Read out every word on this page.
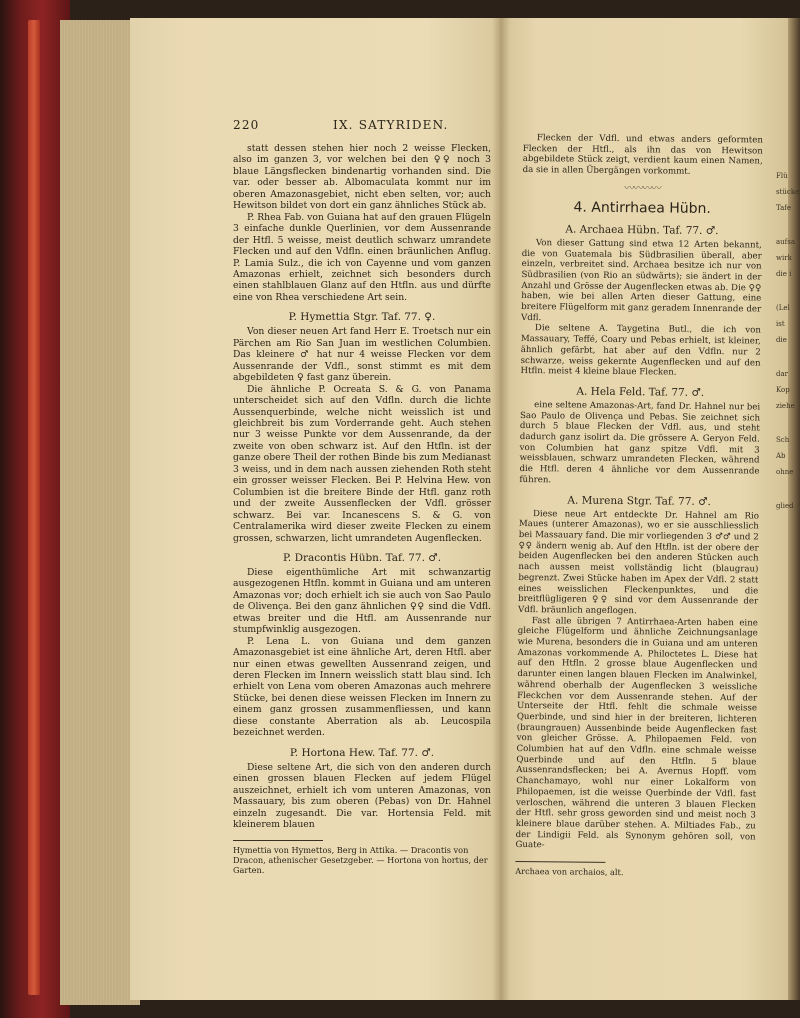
220	IX. SATYRIDEN.

statt dessen stehen hier noch 2 weisse Flecken, also im ganzen 3, vor welchen bei den ♀♀ noch 3 blaue Längsflecken bindenartig vorhanden sind. Die var. oder besser ab. Albomaculata kommt nur im oberen Amazonasgebiet, nicht eben selten, vor; auch Hewitson bildet von dort ein ganz ähnliches Stück ab.

P. Rhea Fab. von Guiana hat auf den grauen Flügeln 3 einfache dunkle Querlinien, vor dem Aussenrande der Htfl. 5 weisse, meist deutlich schwarz umrandete Flecken und auf den Vdfln. einen bräunlichen Anflug. P. Lamia Sulz., die ich von Cayenne und vom ganzen Amazonas erhielt, zeichnet sich besonders durch einen stahlblauen Glanz auf den Htfln. aus und dürfte eine von Rhea verschiedene Art sein.

P. Hymettia Stgr. Taf. 77. ♀.

Von dieser neuen Art fand Herr E. Troetsch nur ein Pärchen am Rio San Juan im westlichen Columbien. Das kleinere ♂ hat nur 4 weisse Flecken vor dem Aussenrande der Vdfl., sonst stimmt es mit dem abgebildeten ♀ fast ganz überein.

Die ähnliche P. Ocreata S. & G. von Panama unterscheidet sich auf den Vdfln. durch die lichte Aussenquerbinde, welche nicht weisslich ist und gleichbreit bis zum Vorderrande geht. Auch stehen nur 3 weisse Punkte vor dem Aussenrande, da der zweite von oben schwarz ist. Auf den Htfln. ist der ganze obere Theil der rothen Binde bis zum Medianast 3 weiss, und in dem nach aussen ziehenden Roth steht ein grosser weisser Flecken. Bei P. Helvina Hew. von Columbien ist die breitere Binde der Htfl. ganz roth und der zweite Aussenflecken der Vdfl. grösser schwarz. Bei var. Incanescens S. & G. von Centralamerika wird dieser zweite Flecken zu einem grossen, schwarzen, licht umrandeten Augenflecken.

P. Dracontis Hübn. Taf. 77. ♂.

Diese eigenthümliche Art mit schwanzartig ausgezogenen Htfln. kommt in Guiana und am unteren Amazonas vor; doch erhielt ich sie auch von Sao Paulo de Olivença. Bei den ganz ähnlichen ♀♀ sind die Vdfl. etwas breiter und die Htfl. am Aussenrande nur stumpfwinklig ausgezogen.

P. Lena L. von Guiana und dem ganzen Amazonasgebiet ist eine ähnliche Art, deren Htfl. aber nur einen etwas gewellten Aussenrand zeigen, und deren Flecken im Innern weisslich statt blau sind. Ich erhielt von Lena vom oberen Amazonas auch mehrere Stücke, bei denen diese weissen Flecken im Innern zu einem ganz grossen zusammenfliessen, und kann diese constante Aberration als ab. Leucospila bezeichnet werden.

P. Hortona Hew. Taf. 77. ♂.

Diese seltene Art, die sich von den anderen durch einen grossen blauen Flecken auf jedem Flügel auszeichnet, erhielt ich vom unteren Amazonas, von Massauary, bis zum oberen (Pebas) von Dr. Hahnel einzeln zugesandt. Die var. Hortensia Feld. mit kleinerem blauen

Hymettia von Hymettos, Berg in Attika. — Dracontis von Dracon, athenischer Gesetzgeber. — Hortona von hortus, der Garten.

Flecken der Vdfl. und etwas anders geformten Flecken der Htfl., als ihn das von Hewitson abgebildete Stück zeigt, verdient kaum einen Namen, da sie in allen Übergängen vorkommt.

〰〰〰〰
4. Antirrhaea Hübn.
A. Archaea Hübn. Taf. 77. ♂.

Von dieser Gattung sind etwa 12 Arten bekannt, die von Guatemala bis Südbrasilien überall, aber einzeln, verbreitet sind. Archaea besitze ich nur von Südbrasilien (von Rio an südwärts); sie ändert in der Anzahl und Grösse der Augenflecken etwas ab. Die ♀♀ haben, wie bei allen Arten dieser Gattung, eine breitere Flügelform mit ganz geradem Innenrande der Vdfl.

Die seltene A. Taygetina Butl., die ich von Massauary, Teffé, Coary und Pebas erhielt, ist kleiner, ähnlich gefärbt, hat aber auf den Vdfln. nur 2 schwarze, weiss gekernte Augenflecken und auf den Htfln. meist 4 kleine blaue Flecken.

A. Hela Feld. Taf. 77. ♂.

eine seltene Amazonas-Art, fand Dr. Hahnel nur bei Sao Paulo de Olivença und Pebas. Sie zeichnet sich durch 5 blaue Flecken der Vdfl. aus, und steht dadurch ganz isolirt da. Die grössere A. Geryon Feld. von Columbien hat ganz spitze Vdfl. mit 3 weissblauen, schwarz umrandeten Flecken, während die Htfl. deren 4 ähnliche vor dem Aussenrande führen.

A. Murena Stgr. Taf. 77. ♂.

Diese neue Art entdeckte Dr. Hahnel am Rio Maues (unterer Amazonas), wo er sie ausschliesslich bei Massauary fand. Die mir vorliegenden 3 ♂♂ und 2 ♀♀ ändern wenig ab. Auf den Htfln. ist der obere der beiden Augenflecken bei den anderen Stücken auch nach aussen meist vollständig licht (blaugrau) begrenzt. Zwei Stücke haben im Apex der Vdfl. 2 statt eines weisslichen Fleckenpunktes, und die breitflügligeren ♀♀ sind vor dem Aussenrande der Vdfl. bräunlich angeflogen.

Fast alle übrigen 7 Antirrhaea-Arten haben eine gleiche Flügelform und ähnliche Zeichnungsanlage wie Murena, besonders die in Guiana und am unteren Amazonas vorkommende A. Philoctetes L. Diese hat auf den Htfln. 2 grosse blaue Augenflecken und darunter einen langen blauen Flecken im Analwinkel, während oberhalb der Augenflecken 3 weissliche Fleckchen vor dem Aussenrande stehen. Auf der Unterseite der Htfl. fehlt die schmale weisse Querbinde, und sind hier in der breiteren, lichteren (braungrauen) Aussenbinde beide Augenflecken fast von gleicher Grösse. A. Philopaemen Feld. von Columbien hat auf den Vdfln. eine schmale weisse Querbinde und auf den Htfln. 5 blaue Aussenrandsflecken; bei A. Avernus Hopff. vom Chanchamayo, wohl nur einer Lokalform von Philopaemen, ist die weisse Querbinde der Vdfl. fast verloschen, während die unteren 3 blauen Flecken der Htfl. sehr gross geworden sind und meist noch 3 kleinere blaue darüber stehen. A. Miltiades Fab., zu der Lindigii Feld. als Synonym gehören soll, von Guate-

Archaea von archaios, alt.
Flü
stücke
Tafe
aufsa
wirk
die i
(Lel
ist
die
dar
Kop
ziehe
Sch
Ab
ohne
glied
